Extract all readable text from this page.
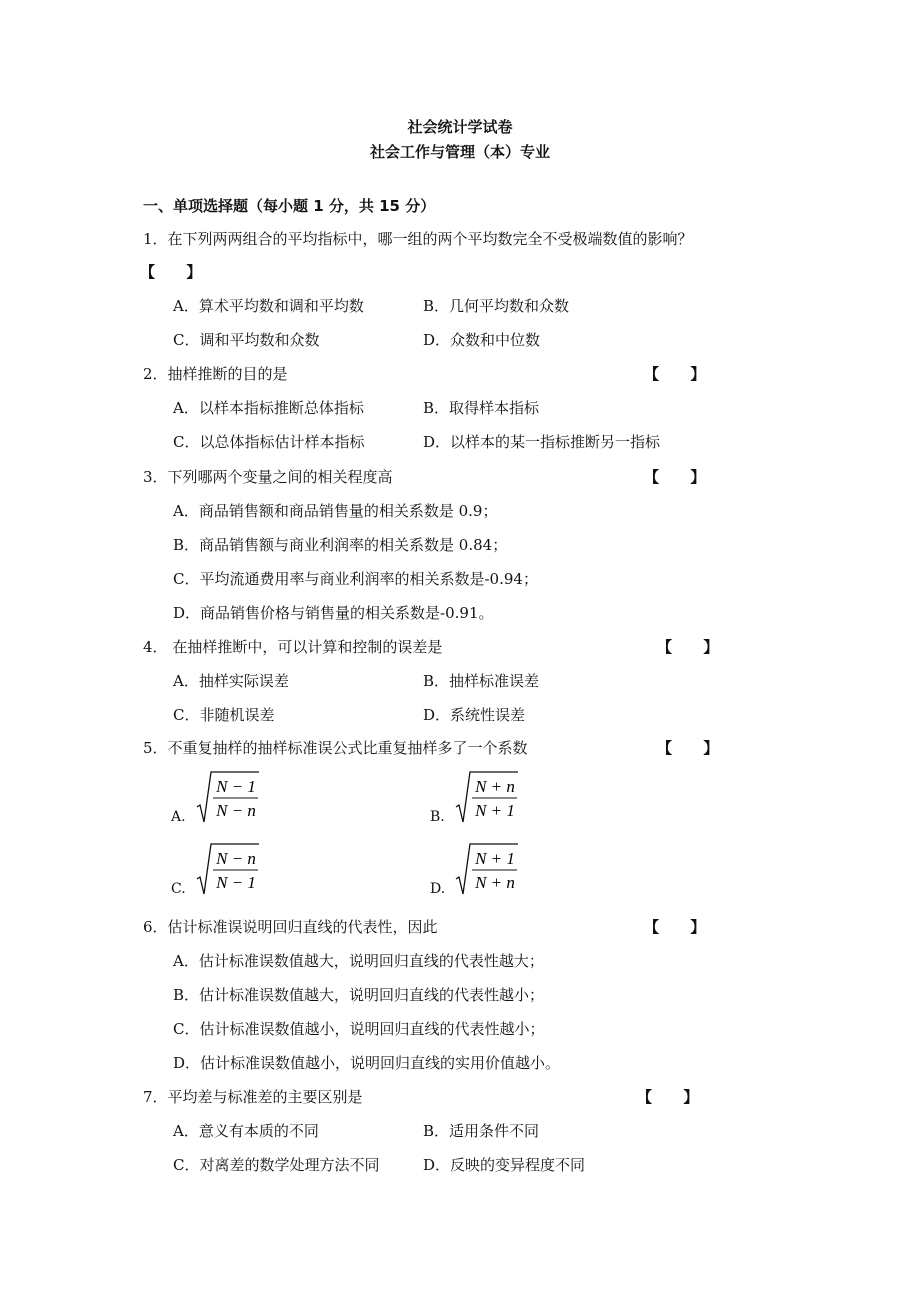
社会统计学试卷
社会工作与管理（本）专业
一、单项选择题（每小题 1 分，共 15 分）
1．在下列两两组合的平均指标中，哪一组的两个平均数完全不受极端数值的影响？
【      】
A．算术平均数和调和平均数	B．几何平均数和众数
C．调和平均数和众数	D．众数和中位数
2．抽样推断的目的是	【      】
A．以样本指标推断总体指标	B．取得样本指标
C．以总体指标估计样本指标	D．以样本的某一指标推断另一指标
3．下列哪两个变量之间的相关程度高	【      】
A．商品销售额和商品销售量的相关系数是 0.9；
B．商品销售额与商业利润率的相关系数是 0.84；
C．平均流通费用率与商业利润率的相关系数是-0.94；
D．商品销售价格与销售量的相关系数是-0.91。
4． 在抽样推断中，可以计算和控制的误差是	【      】
A．抽样实际误差	B．抽样标准误差
C．非随机误差	D．系统性误差
5．不重复抽样的抽样标准误公式比重复抽样多了一个系数	【      】
A.
N − 1
N − n	B.
N + n
N + 1
C.
N − n
N − 1	D.
N + 1
N + n
6．估计标准误说明回归直线的代表性，因此	【      】
A．估计标准误数值越大，说明回归直线的代表性越大；
B．估计标准误数值越大，说明回归直线的代表性越小；
C．估计标准误数值越小，说明回归直线的代表性越小；
D．估计标准误数值越小，说明回归直线的实用价值越小。
7．平均差与标准差的主要区别是	【      】
A．意义有本质的不同	B．适用条件不同
C．对离差的数学处理方法不同	D．反映的变异程度不同
